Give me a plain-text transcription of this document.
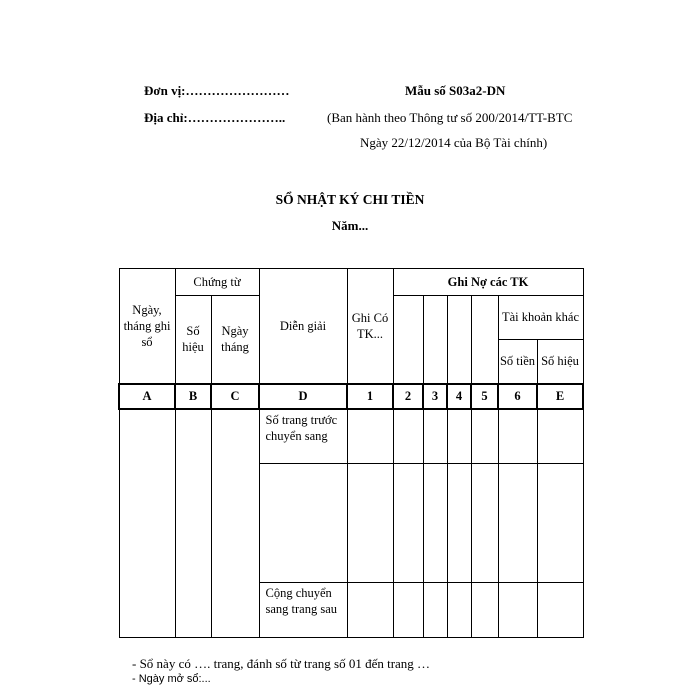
Đơn vị:……………………
Địa chỉ:…………………..
Mẫu số S03a2-DN
(Ban hành theo Thông tư số 200/2014/TT-BTC
Ngày 22/12/2014 của Bộ Tài chính)
SỔ NHẬT KÝ CHI TIỀN
Năm...
Ngày, tháng ghi sổ	Chứng từ		Diễn giải	Ghi Có TK...	Ghi Nợ các TK					
	Số hiệu	Ngày tháng							Tài khoản khác	
									Số tiền	Số hiệu
A	B	C	D	1	2	3	4	5	6	E
			Số trang trước chuyển sang							

			Cộng chuyển sang trang sau							
- Sổ này có …. trang, đánh số từ trang số 01 đến trang …
- Ngày mở sổ:...
